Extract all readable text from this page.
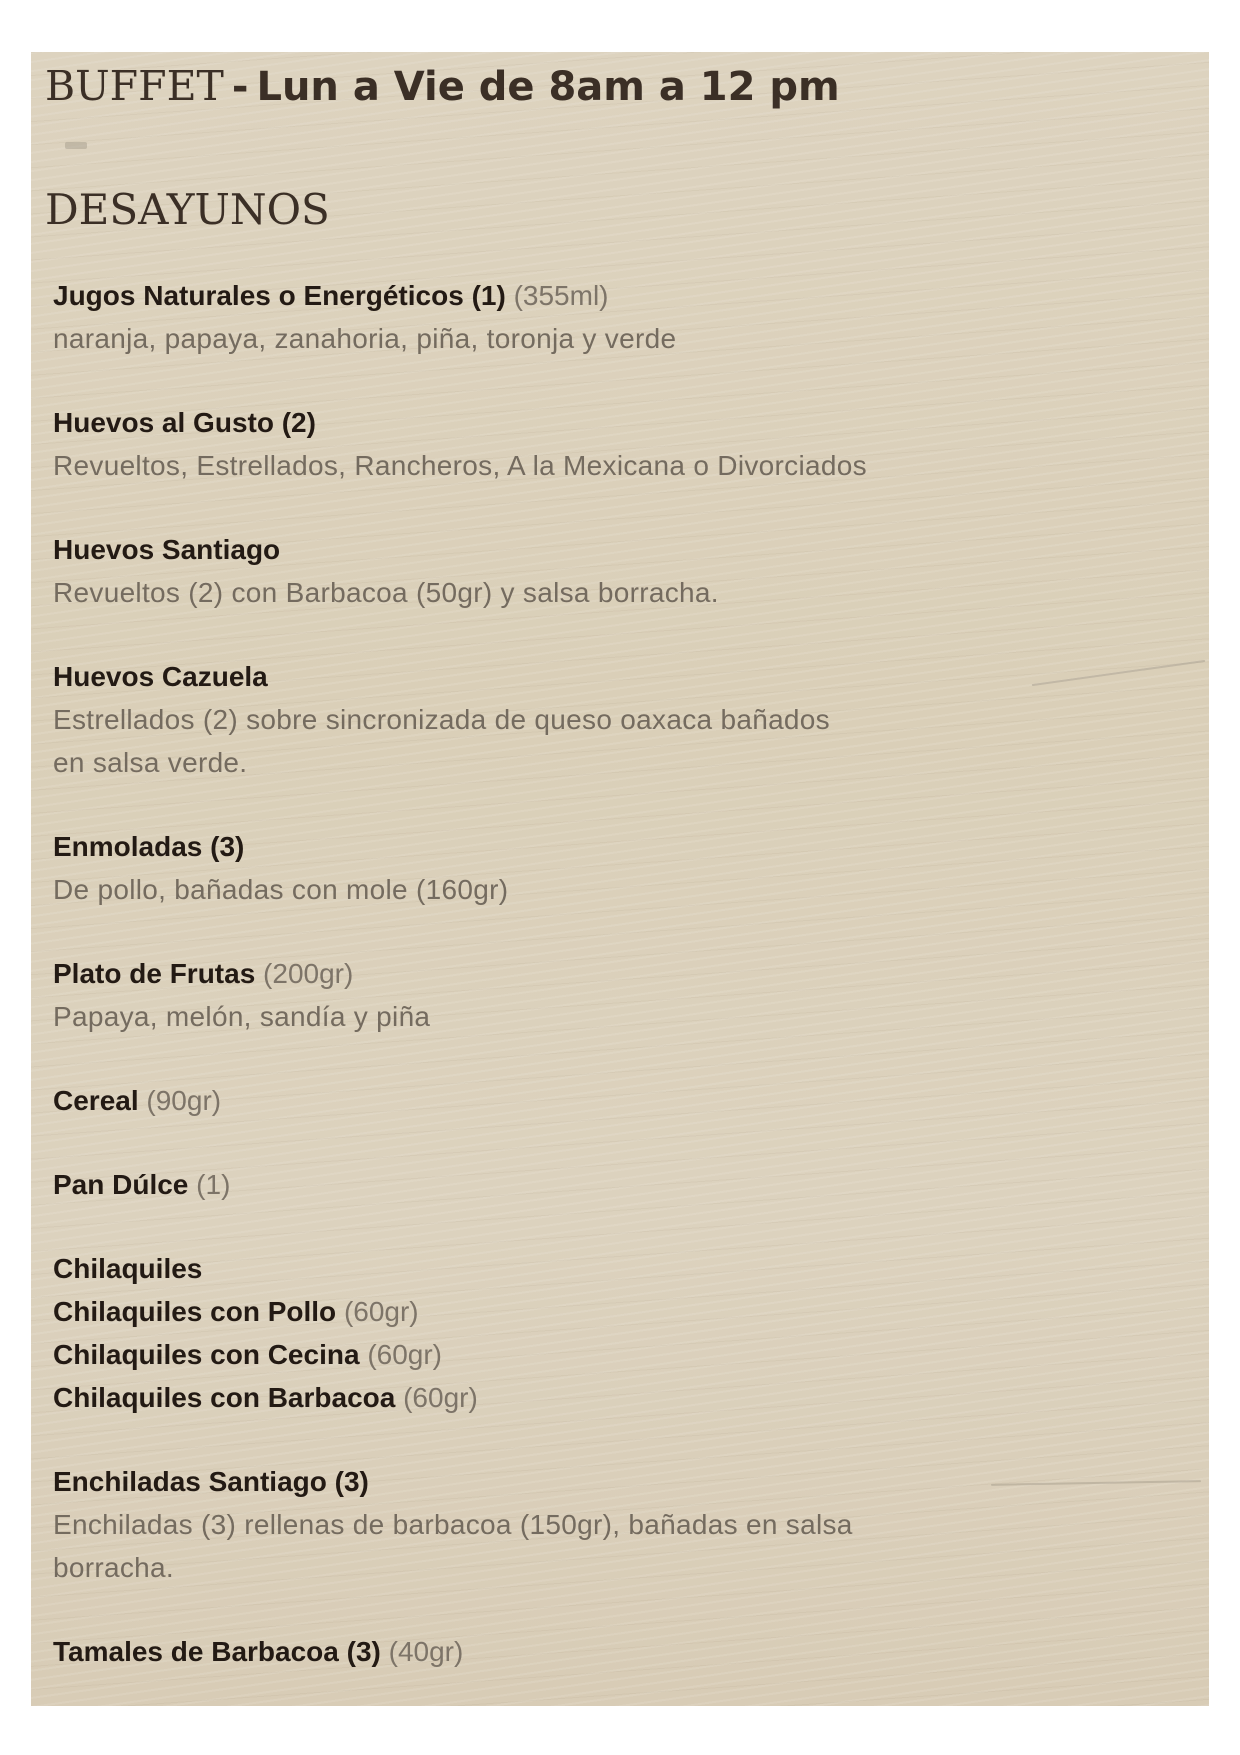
BUFFET - Lun a Vie de 8am a 12 pm
DESAYUNOS
Jugos Naturales o Energéticos (1) (355ml)
naranja, papaya, zanahoria, piña, toronja y verde
Huevos al Gusto (2)
Revueltos, Estrellados, Rancheros, A la Mexicana o Divorciados
Huevos Santiago
Revueltos (2) con Barbacoa (50gr) y salsa borracha.
Huevos Cazuela
Estrellados (2) sobre sincronizada de queso oaxaca bañados
en salsa verde.
Enmoladas (3)
De pollo, bañadas con mole (160gr)
Plato de Frutas (200gr)
Papaya, melón, sandía y piña
Cereal (90gr)
Pan Dúlce (1)
Chilaquiles
Chilaquiles con Pollo (60gr)
Chilaquiles con Cecina (60gr)
Chilaquiles con Barbacoa (60gr)
Enchiladas Santiago (3)
Enchiladas (3) rellenas de barbacoa (150gr), bañadas en salsa
borracha.
Tamales de Barbacoa (3) (40gr)
